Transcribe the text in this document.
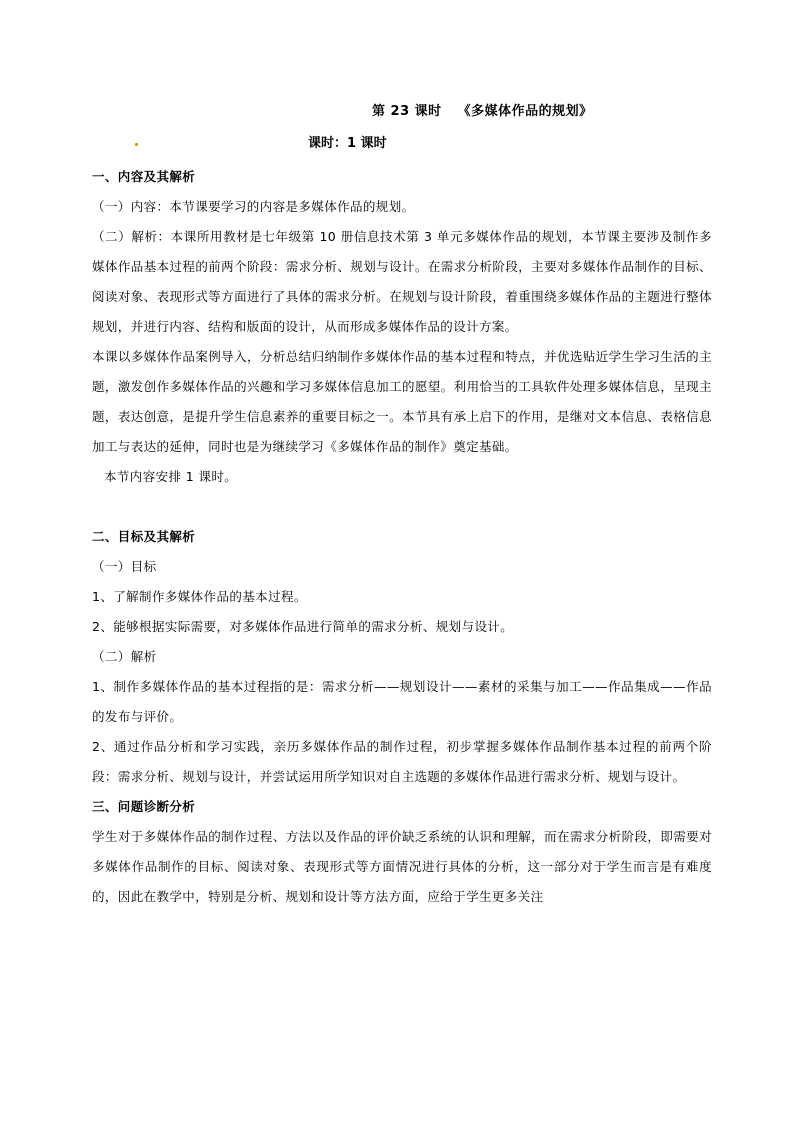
第 23 课时 《多媒体作品的规划》
课时：1 课时

一、内容及其解析

（一）内容：本节课要学习的内容是多媒体作品的规划。

（二）解析：本课所用教材是七年级第 10 册信息技术第 3 单元多媒体作品的规划，本节课主要涉及制作多媒体作品基本过程的前两个阶段：需求分析、规划与设计。在需求分析阶段，主要对多媒体作品制作的目标、阅读对象、表现形式等方面进行了具体的需求分析。在规划与设计阶段，着重围绕多媒体作品的主题进行整体规划，并进行内容、结构和版面的设计，从而形成多媒体作品的设计方案。

本课以多媒体作品案例导入，分析总结归纳制作多媒体作品的基本过程和特点，并优选贴近学生学习生活的主题，激发创作多媒体作品的兴趣和学习多媒体信息加工的愿望。利用恰当的工具软件处理多媒体信息，呈现主题，表达创意，是提升学生信息素养的重要目标之一。本节具有承上启下的作用，是继对文本信息、表格信息加工与表达的延伸，同时也是为继续学习《多媒体作品的制作》奠定基础。

本节内容安排 1 课时。

二、目标及其解析

（一）目标

1、了解制作多媒体作品的基本过程。

2、能够根据实际需要，对多媒体作品进行简单的需求分析、规划与设计。

（二）解析

1、制作多媒体作品的基本过程指的是：需求分析——规划设计——素材的采集与加工——作品集成——作品的发布与评价。

2、通过作品分析和学习实践，亲历多媒体作品的制作过程，初步掌握多媒体作品制作基本过程的前两个阶段：需求分析、规划与设计，并尝试运用所学知识对自主选题的多媒体作品进行需求分析、规划与设计。

三、问题诊断分析

学生对于多媒体作品的制作过程、方法以及作品的评价缺乏系统的认识和理解，而在需求分析阶段，即需要对多媒体作品制作的目标、阅读对象、表现形式等方面情况进行具体的分析，这一部分对于学生而言是有难度的，因此在教学中，特别是分析、规划和设计等方法方面，应给于学生更多关注
